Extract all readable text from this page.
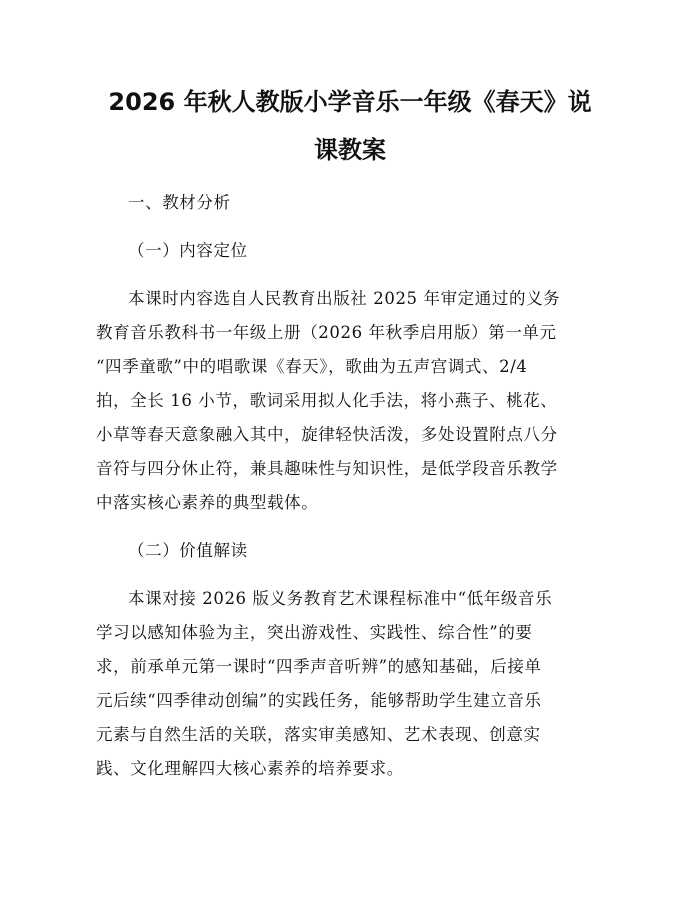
2026 年秋人教版小学音乐一年级《春天》说
课教案

一、教材分析

（一）内容定位

本课时内容选自人民教育出版社 2025 年审定通过的义务

教育音乐教科书一年级上册（2026 年秋季启用版）第一单元

“四季童歌”中的唱歌课《春天》，歌曲为五声宫调式、2/4

拍，全长 16 小节，歌词采用拟人化手法，将小燕子、桃花、

小草等春天意象融入其中，旋律轻快活泼，多处设置附点八分

音符与四分休止符，兼具趣味性与知识性，是低学段音乐教学

中落实核心素养的典型载体。

（二）价值解读

本课对接 2026 版义务教育艺术课程标准中“低年级音乐

学习以感知体验为主，突出游戏性、实践性、综合性”的要

求，前承单元第一课时“四季声音听辨”的感知基础，后接单

元后续“四季律动创编”的实践任务，能够帮助学生建立音乐

元素与自然生活的关联，落实审美感知、艺术表现、创意实

践、文化理解四大核心素养的培养要求。
